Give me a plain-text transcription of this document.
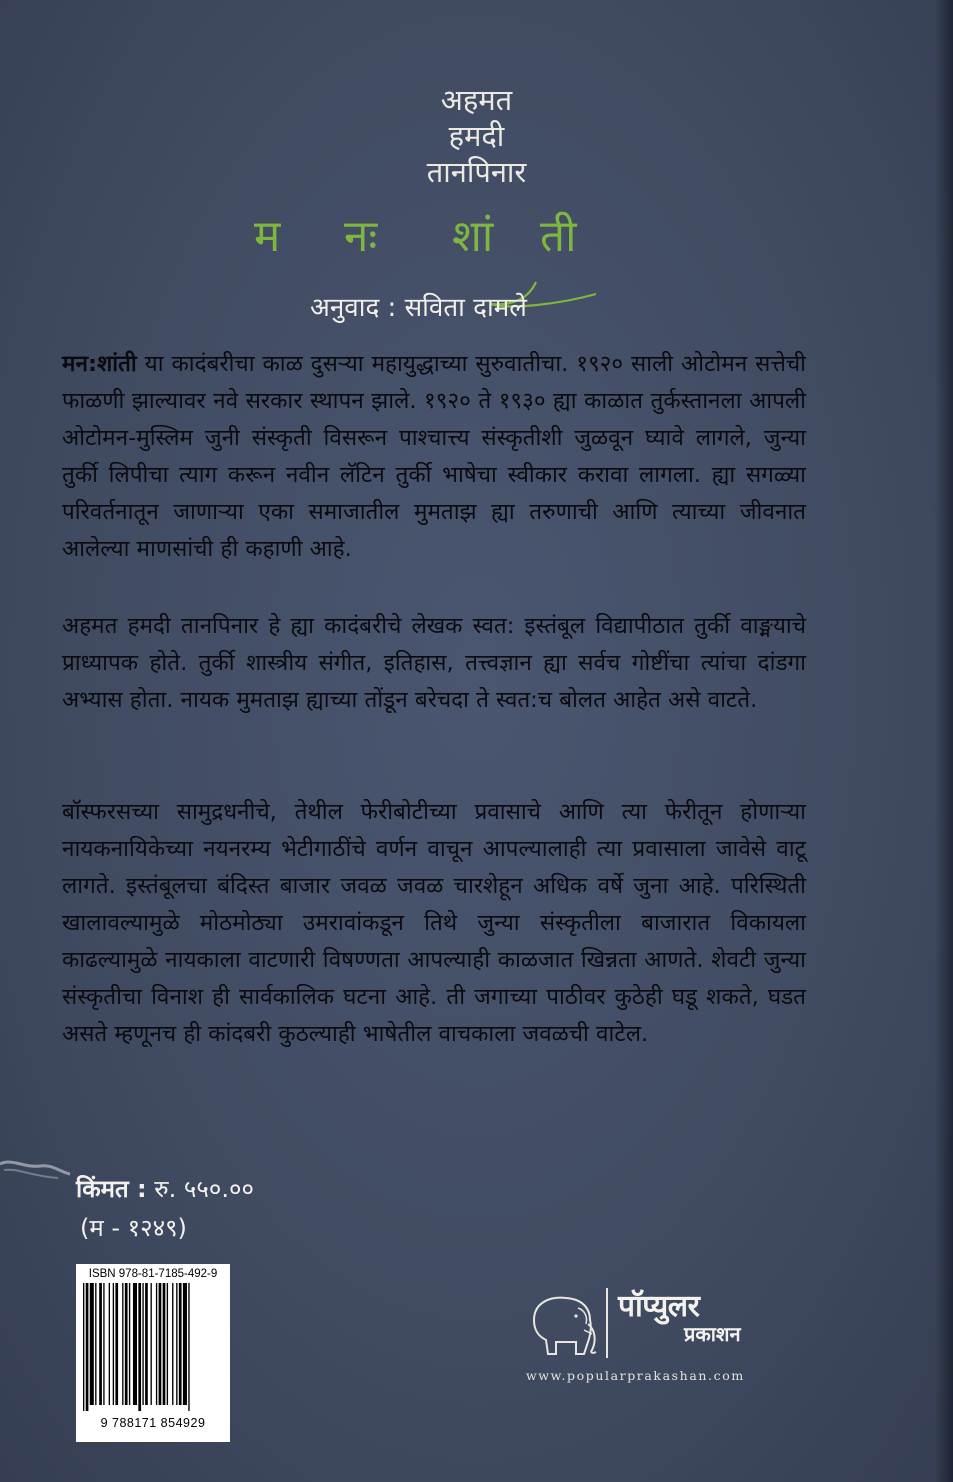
अहमत
हमदी
तानपिनार
म नः शां ती
अनुवाद : सविता दामले
मन:शांती या कादंबरीचा काळ दुसऱ्या महायुद्धाच्या सुरुवातीचा. १९२० साली ओटोमन सत्तेची फाळणी झाल्यावर नवे सरकार स्थापन झाले. १९२० ते १९३० ह्या काळात तुर्कस्तानला आपली ओटोमन-मुस्लिम जुनी संस्कृती विसरून पाश्चात्त्य संस्कृतीशी जुळवून घ्यावे लागले, जुन्या तुर्की लिपीचा त्याग करून नवीन लॅटिन तुर्की भाषेचा स्वीकार करावा लागला. ह्या सगळ्या परिवर्तनातून जाणाऱ्या एका समाजातील मुमताझ ह्या तरुणाची आणि त्याच्या जीवनात आलेल्या माणसांची ही कहाणी आहे.
अहमत हमदी तानपिनार हे ह्या कादंबरीचे लेखक स्वत: इस्तंबूल विद्यापीठात तुर्की वाङ्मयाचे प्राध्यापक होते. तुर्की शास्त्रीय संगीत, इतिहास, तत्त्वज्ञान ह्या सर्वच गोष्टींचा त्यांचा दांडगा अभ्यास होता. नायक मुमताझ ह्याच्या तोंडून बरेचदा ते स्वत:च बोलत आहेत असे वाटते.
बॉस्फरसच्या सामुद्रधनीचे, तेथील फेरीबोटीच्या प्रवासाचे आणि त्या फेरीतून होणाऱ्या नायकनायिकेच्या नयनरम्य भेटीगाठींचे वर्णन वाचून आपल्यालाही त्या प्रवासाला जावेसे वाटू लागते. इस्तंबूलचा बंदिस्त बाजार जवळ जवळ चारशेहून अधिक वर्षे जुना आहे. परिस्थिती खालावल्यामुळे मोठमोठ्या उमरावांकडून तिथे जुन्या संस्कृतीला बाजारात विकायला काढल्यामुळे नायकाला वाटणारी विषण्णता आपल्याही काळजात खिन्नता आणते. शेवटी जुन्या संस्कृतीचा विनाश ही सार्वकालिक घटना आहे. ती जगाच्या पाठीवर कुठेही घडू शकते, घडत असते म्हणूनच ही कांदबरी कुठल्याही भाषेतील वाचकाला जवळची वाटेल.
किंमत : रु. ५५०.००
(म - १२४९)
ISBN 978-81-7185-492-9
9 788171 854929
पॉप्युलर
प्रकाशन
www.popularprakashan.com
